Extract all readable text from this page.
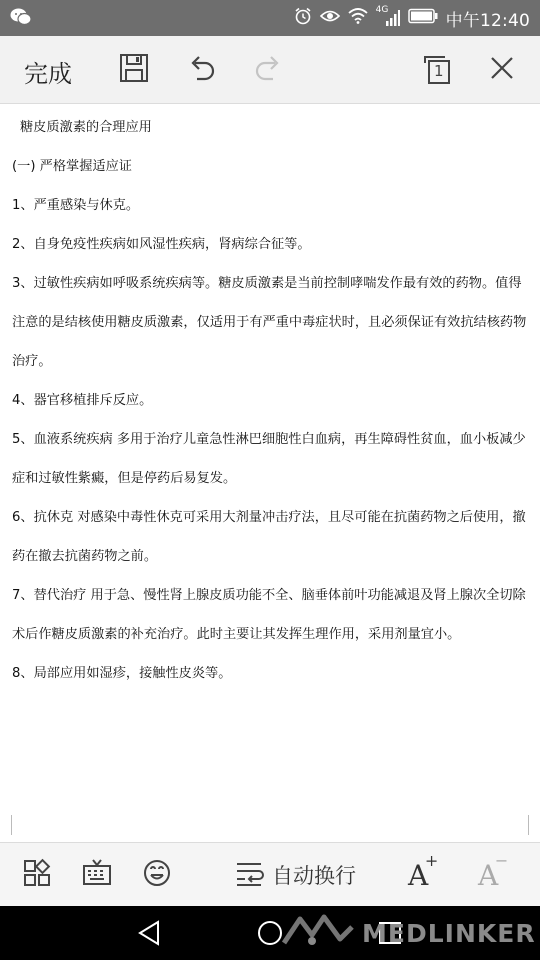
4G
中午12:40
完成	1

糖皮质激素的合理应用

(一) 严格掌握适应证

1、严重感染与休克。

2、自身免疫性疾病如风湿性疾病，肾病综合征等。

3、过敏性疾病如呼吸系统疾病等。糖皮质激素是当前控制哮喘发作最有效的药物。值得注意的是结核使用糖皮质激素，仅适用于有严重中毒症状时，且必须保证有效抗结核药物治疗。

4、器官移植排斥反应。

5、血液系统疾病 多用于治疗儿童急性淋巴细胞性白血病，再生障碍性贫血，血小板减少症和过敏性紫癜，但是停药后易复发。

6、抗休克 对感染中毒性休克可采用大剂量冲击疗法，且尽可能在抗菌药物之后使用，撤药在撤去抗菌药物之前。

7、替代治疗 用于急、慢性肾上腺皮质功能不全、脑垂体前叶功能减退及肾上腺次全切除术后作糖皮质激素的补充治疗。此时主要让其发挥生理作用，采用剂量宜小。

8、局部应用如湿疹，接触性皮炎等。

自动换行 A
+ A
−
MEDLINKER
